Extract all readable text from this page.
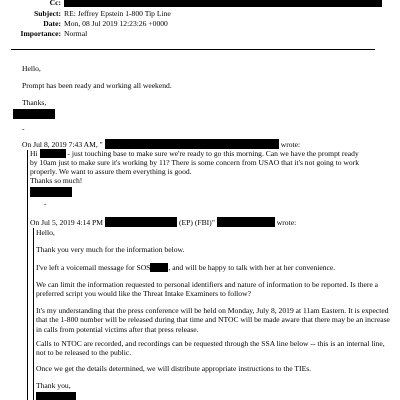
Cc:
Subject: RE: Jeffrey Epstein 1-800 Tip Line
Date: Mon, 08 Jul 2019 12:23:26 +0000
Importance: Normal
Hello,
Prompt has been ready and working all weekend.
Thanks,
-
On Jul 8, 2019 7:43 AM, "	wrote:
Hi	- just touching base to make sure we're ready to go this morning. Can we have the prompt ready
by 10am just to make sure it's working by 11? There is some concern from USAO that it's not going to work
properly. We want to assure them everything is good.
Thanks so much!
-
On Jul 5, 2019 4:14 PM	(EP) (FBI)"	wrote:
Hello,
Thank you very much for the information below.
I've left a voicemail message for SOS , and will be happy to talk with her at her convenience.
We can limit the information requested to personal identifiers and nature of information to be reported. Is there a preferred script you would like the Threat Intake Examiners to follow?
It's my understanding that the press conference will be held on Monday, July 8, 2019 at 11am Eastern. It is expected that the 1-800 number will be released during that time and NTOC will be made aware that there may be an increase in calls from potential victims after that press release.
Calls to NTOC are recorded, and recordings can be requested through the SSA line below -- this is an internal line, not to be released to the public.
Once we get the details determined, we will distribute appropriate instructions to the TIEs.
Thank you,
